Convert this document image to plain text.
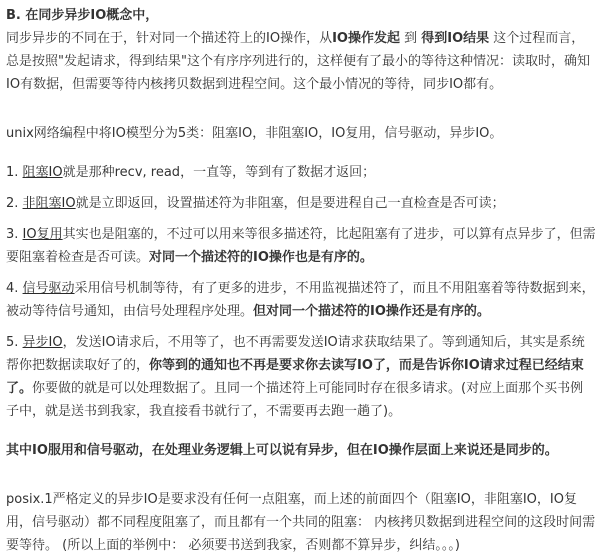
B. 在同步异步IO概念中，

同步异步的不同在于，针对同一个描述符上的IO操作，从IO操作发起 到 得到IO结果 这个过程而言，总是按照"发起请求，得到结果"这个有序序列进行的，这样便有了最小的等待这种情况：读取时，确知IO有数据，但需要等待内核拷贝数据到进程空间。这个最小情况的等待，同步IO都有。

unix网络编程中将IO模型分为5类：阻塞IO，非阻塞IO，IO复用，信号驱动，异步IO。

1. 阻塞IO就是那种recv, read，一直等，等到有了数据才返回；

2. 非阻塞IO就是立即返回，设置描述符为非阻塞，但是要进程自己一直检查是否可读；

3. IO复用其实也是阻塞的，不过可以用来等很多描述符，比起阻塞有了进步，可以算有点异步了，但需要阻塞着检查是否可读。对同一个描述符的IO操作也是有序的。

4. 信号驱动采用信号机制等待，有了更多的进步，不用监视描述符了，而且不用阻塞着等待数据到来，被动等待信号通知，由信号处理程序处理。但对同一个描述符的IO操作还是有序的。

5. 异步IO，发送IO请求后，不用等了，也不再需要发送IO请求获取结果了。等到通知后，其实是系统帮你把数据读取好了的，你等到的通知也不再是要求你去读写IO了，而是告诉你IO请求过程已经结束了。你要做的就是可以处理数据了。且同一个描述符上可能同时存在很多请求。(对应上面那个买书例子中，就是送书到我家，我直接看书就行了，不需要再去跑一趟了)。

其中IO服用和信号驱动，在处理业务逻辑上可以说有异步，但在IO操作层面上来说还是同步的。

posix.1严格定义的异步IO是要求没有任何一点阻塞，而上述的前面四个（阻塞IO，非阻塞IO，IO复用，信号驱动）都不同程度阻塞了，而且都有一个共同的阻塞： 内核拷贝数据到进程空间的这段时间需要等待。 (所以上面的举例中： 必须要书送到我家，否则都不算异步，纠结。。。)
